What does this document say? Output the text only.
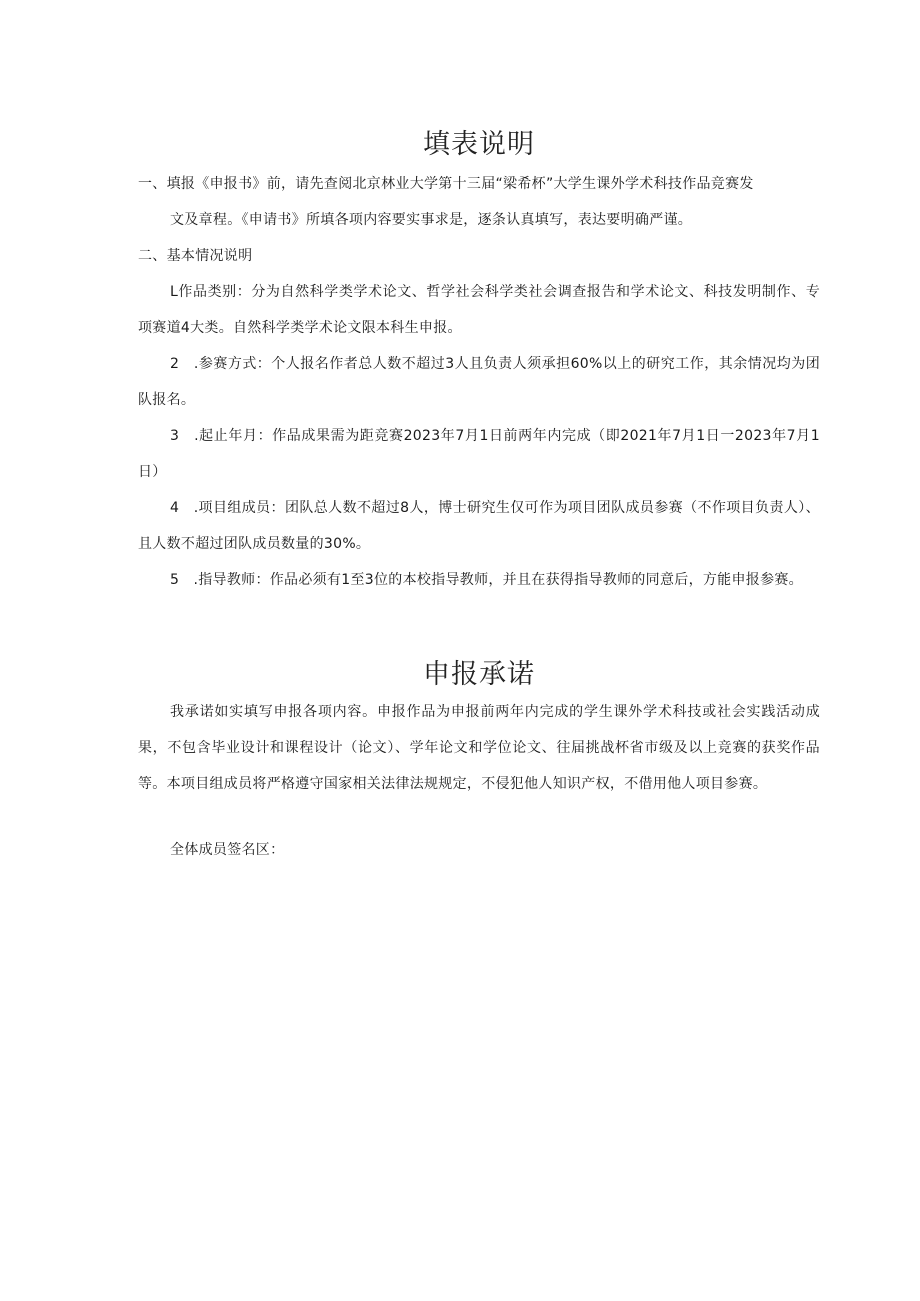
填表说明

一、填报《申报书》前，请先查阅北京林业大学第十三届“梁希杯”大学生课外学术科技作品竞赛发

文及章程。《申请书》所填各项内容要实事求是，逐条认真填写，表达要明确严谨。

二、基本情况说明

L作品类别：分为自然科学类学术论文、哲学社会科学类社会调查报告和学术论文、科技发明制作、专项赛道4大类。自然科学类学术论文限本科生申报。

2　.参赛方式：个人报名作者总人数不超过3人且负责人须承担60%以上的研究工作，其余情况均为团队报名。

3　.起止年月：作品成果需为距竞赛2023年7月1日前两年内完成（即2021年7月1日一2023年7月1日）

4　.项目组成员：团队总人数不超过8人，博士研究生仅可作为项目团队成员参赛（不作项目负责人）、且人数不超过团队成员数量的30%。

5　.指导教师：作品必须有1至3位的本校指导教师，并且在获得指导教师的同意后，方能申报参赛。

申报承诺

我承诺如实填写申报各项内容。申报作品为申报前两年内完成的学生课外学术科技或社会实践活动成果，不包含毕业设计和课程设计（论文）、学年论文和学位论文、往届挑战杯省市级及以上竞赛的获奖作品等。本项目组成员将严格遵守国家相关法律法规规定，不侵犯他人知识产权，不借用他人项目参赛。

全体成员签名区：
